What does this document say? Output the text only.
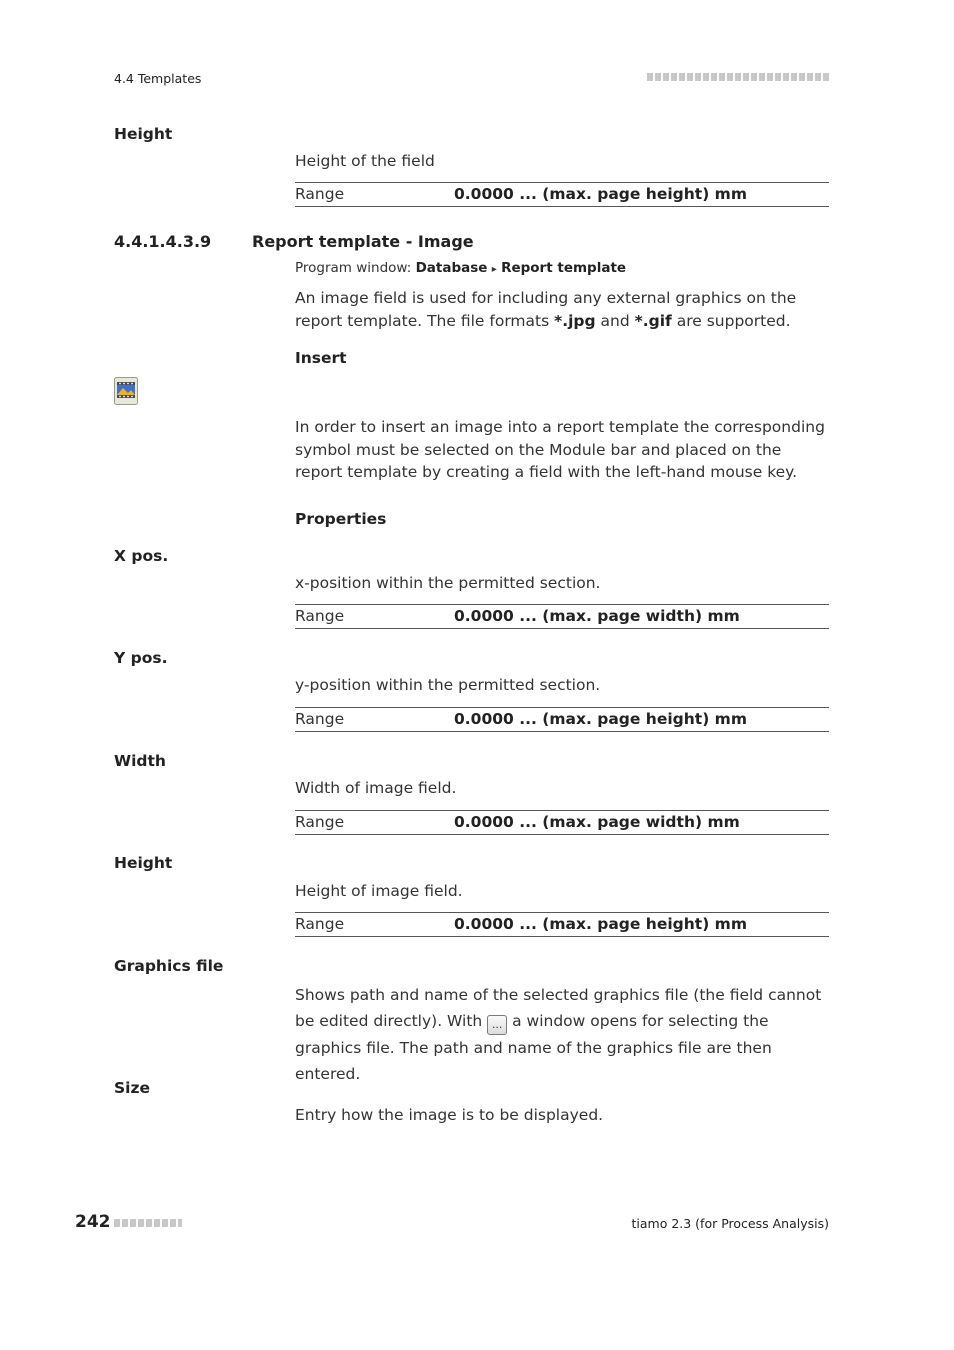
4.4 Templates
Height
Height of the field
Range	0.0000 ... (max. page height) mm
4.4.1.4.3.9	Report template - Image
Program window: Database ▸ Report template
An image field is used for including any external graphics on the report template. The file formats *.jpg and *.gif are supported.
Insert
In order to insert an image into a report template the corresponding symbol must be selected on the Module bar and placed on the report template by creating a field with the left-hand mouse key.
Properties
X pos.
x-position within the permitted section.
Range	0.0000 ... (max. page width) mm
Y pos.
y-position within the permitted section.
Range	0.0000 ... (max. page height) mm
Width
Width of image field.
Range	0.0000 ... (max. page width) mm
Height
Height of image field.
Range	0.0000 ... (max. page height) mm
Graphics file
Shows path and name of the selected graphics file (the field cannot be edited directly). With ... a window opens for selecting the graphics file. The path and name of the graphics file are then entered.
Size
Entry how the image is to be displayed.
242	tiamo 2.3 (for Process Analysis)
